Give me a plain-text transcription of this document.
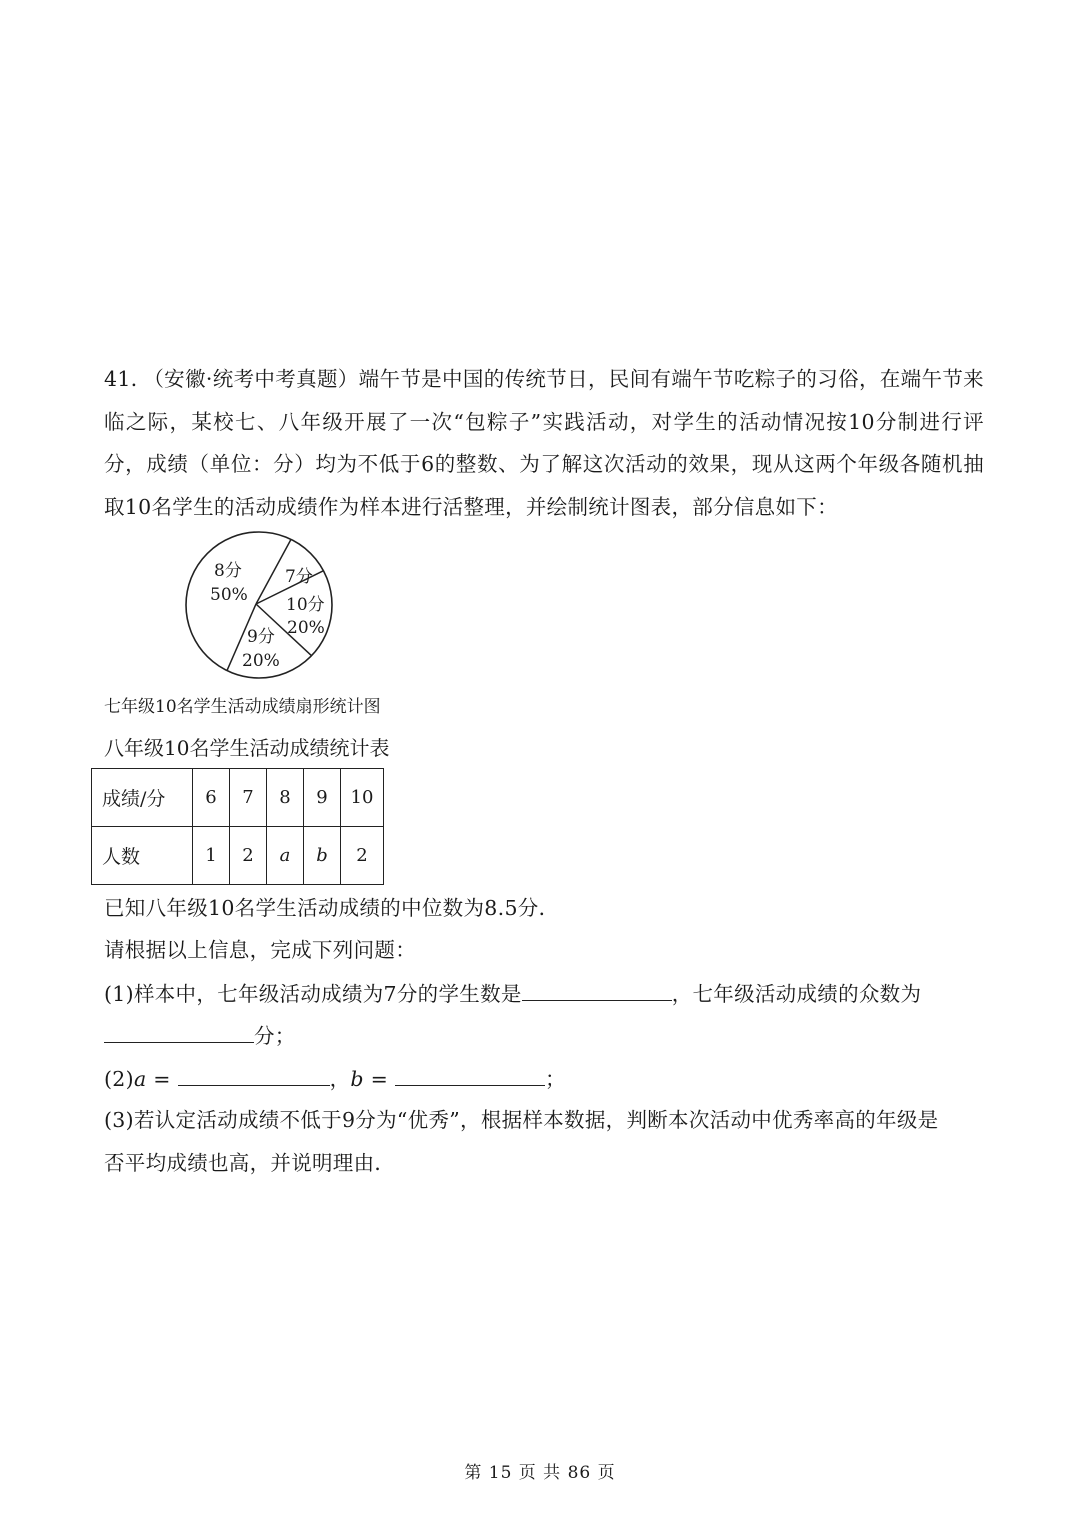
41．（安徽·统考中考真题）端午节是中国的传统节日，民间有端午节吃粽子的习俗，在端午节来临之际，某校七、八年级开展了一次“包粽子”实践活动，对学生的活动情况按10分制进行评分，成绩（单位：分）均为不低于6的整数、为了解这次活动的效果，现从这两个年级各随机抽取10名学生的活动成绩作为样本进行活整理，并绘制统计图表，部分信息如下：
8分
50%
7分
10分
20%
9分
20%
七年级10名学生活动成绩扇形统计图
八年级10名学生活动成绩统计表
成绩/分	6	7	8	9	10
人数	1	2	a	b	2
已知八年级10名学生活动成绩的中位数为8.5分．
请根据以上信息，完成下列问题：
(1)样本中，七年级活动成绩为7分的学生数是	，七年级活动成绩的众数为
分；
(2)a =	，b =	；
(3)若认定活动成绩不低于9分为“优秀”，根据样本数据，判断本次活动中优秀率高的年级是
否平均成绩也高，并说明理由．
第 15 页 共 86 页
